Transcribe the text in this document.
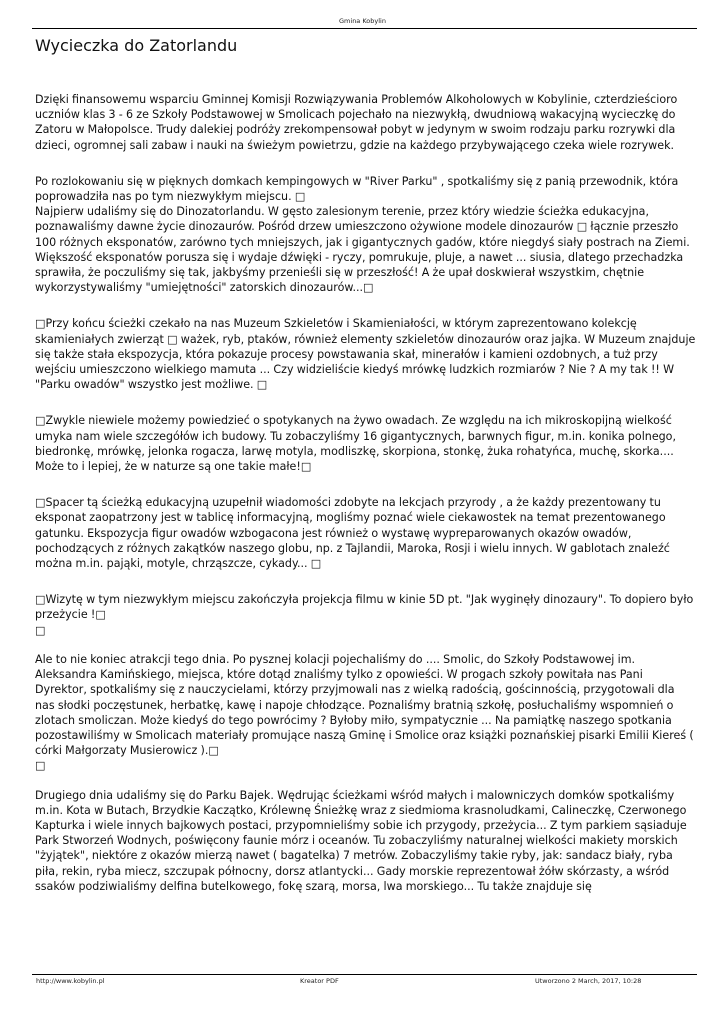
Gmina Kobylin
Wycieczka do Zatorlandu

Dzięki finansowemu wsparciu Gminnej Komisji Rozwiązywania Problemów Alkoholowych w Kobylinie, czterdzieścioro uczniów klas 3 - 6 ze Szkoły Podstawowej w Smolicach pojechało na niezwykłą, dwudniową wakacyjną wycieczkę do Zatoru w Małopolsce. Trudy dalekiej podróży zrekompensował pobyt w jedynym w swoim rodzaju parku rozrywki dla dzieci, ogromnej sali zabaw i nauki na świeżym powietrzu, gdzie na każdego przybywającego czeka wiele rozrywek.

Po rozlokowaniu się w pięknych domkach kempingowych w "River Parku" , spotkaliśmy się z panią przewodnik, która poprowadziła nas po tym niezwykłym miejscu. □

Najpierw udaliśmy się do Dinozatorlandu. W gęsto zalesionym terenie, przez który wiedzie ścieżka edukacyjna, poznawaliśmy dawne życie dinozaurów. Pośród drzew umieszczono ożywione modele dinozaurów □ łącznie przeszło 100 różnych eksponatów, zarówno tych mniejszych, jak i gigantycznych gadów, które niegdyś siały postrach na Ziemi. Większość eksponatów porusza się i wydaje dźwięki - ryczy, pomrukuje, pluje, a nawet ... siusia, dlatego przechadzka sprawiła, że poczuliśmy się tak, jakbyśmy przenieśli się w przeszłość! A że upał doskwierał wszystkim, chętnie wykorzystywaliśmy "umiejętności" zatorskich dinozaurów...□

□Przy końcu ścieżki czekało na nas Muzeum Szkieletów i Skamieniałości, w którym zaprezentowano kolekcję skamieniałych zwierząt □ ważek, ryb, ptaków, również elementy szkieletów dinozaurów oraz jajka. W Muzeum znajduje się także stała ekspozycja, która pokazuje procesy powstawania skał, minerałów i kamieni ozdobnych, a tuż przy wejściu umieszczono wielkiego mamuta ... Czy widzieliście kiedyś mrówkę ludzkich rozmiarów ? Nie ? A my tak !! W "Parku owadów" wszystko jest możliwe. □

□Zwykle niewiele możemy powiedzieć o spotykanych na żywo owadach. Ze względu na ich mikroskopijną wielkość umyka nam wiele szczegółów ich budowy. Tu zobaczyliśmy 16 gigantycznych, barwnych figur, m.in. konika polnego, biedronkę, mrówkę, jelonka rogacza, larwę motyla, modliszkę, skorpiona, stonkę, żuka rohatyńca, muchę, skorka.... Może to i lepiej, że w naturze są one takie małe!□

□Spacer tą ścieżką edukacyjną uzupełnił wiadomości zdobyte na lekcjach przyrody , a że każdy prezentowany tu eksponat zaopatrzony jest w tablicę informacyjną, mogliśmy poznać wiele ciekawostek na temat prezentowanego gatunku. Ekspozycja figur owadów wzbogacona jest również o wystawę wypreparowanych okazów owadów, pochodzących z różnych zakątków naszego globu, np. z Tajlandii, Maroka, Rosji i wielu innych. W gablotach znaleźć można m.in. pająki, motyle, chrząszcze, cykady... □

□Wizytę w tym niezwykłym miejscu zakończyła projekcja filmu w kinie 5D pt. "Jak wyginęły dinozaury". To dopiero było przeżycie !□

□

Ale to nie koniec atrakcji tego dnia. Po pysznej kolacji pojechaliśmy do .... Smolic, do Szkoły Podstawowej im. Aleksandra Kamińskiego, miejsca, które dotąd znaliśmy tylko z opowieści. W progach szkoły powitała nas Pani Dyrektor, spotkaliśmy się z nauczycielami, którzy przyjmowali nas z wielką radością, gościnnością, przygotowali dla nas słodki poczęstunek, herbatkę, kawę i napoje chłodzące. Poznaliśmy bratnią szkołę, posłuchaliśmy wspomnień o zlotach smoliczan. Może kiedyś do tego powrócimy ? Byłoby miło, sympatycznie ... Na pamiątkę naszego spotkania pozostawiliśmy w Smolicach materiały promujące naszą Gminę i Smolice oraz książki poznańskiej pisarki Emilii Kiereś ( córki Małgorzaty Musierowicz ).□

□

Drugiego dnia udaliśmy się do Parku Bajek. Wędrując ścieżkami wśród małych i malowniczych domków spotkaliśmy m.in. Kota w Butach, Brzydkie Kaczątko, Królewnę Śnieżkę wraz z siedmioma krasnoludkami, Calineczkę, Czerwonego Kapturka i wiele innych bajkowych postaci, przypomnieliśmy sobie ich przygody, przeżycia... Z tym parkiem sąsiaduje Park Stworzeń Wodnych, poświęcony faunie mórz i oceanów. Tu zobaczyliśmy naturalnej wielkości makiety morskich "żyjątek", niektóre z okazów mierzą nawet ( bagatelka) 7 metrów. Zobaczyliśmy takie ryby, jak: sandacz biały, ryba piła, rekin, ryba miecz, szczupak północny, dorsz atlantycki... Gady morskie reprezentował żółw skórzasty, a wśród ssaków podziwialiśmy delfina butelkowego, fokę szarą, morsa, lwa morskiego... Tu także znajduje się

http://www.kobylin.pl	Kreator PDF	Utworzono 2 March, 2017, 10:28
